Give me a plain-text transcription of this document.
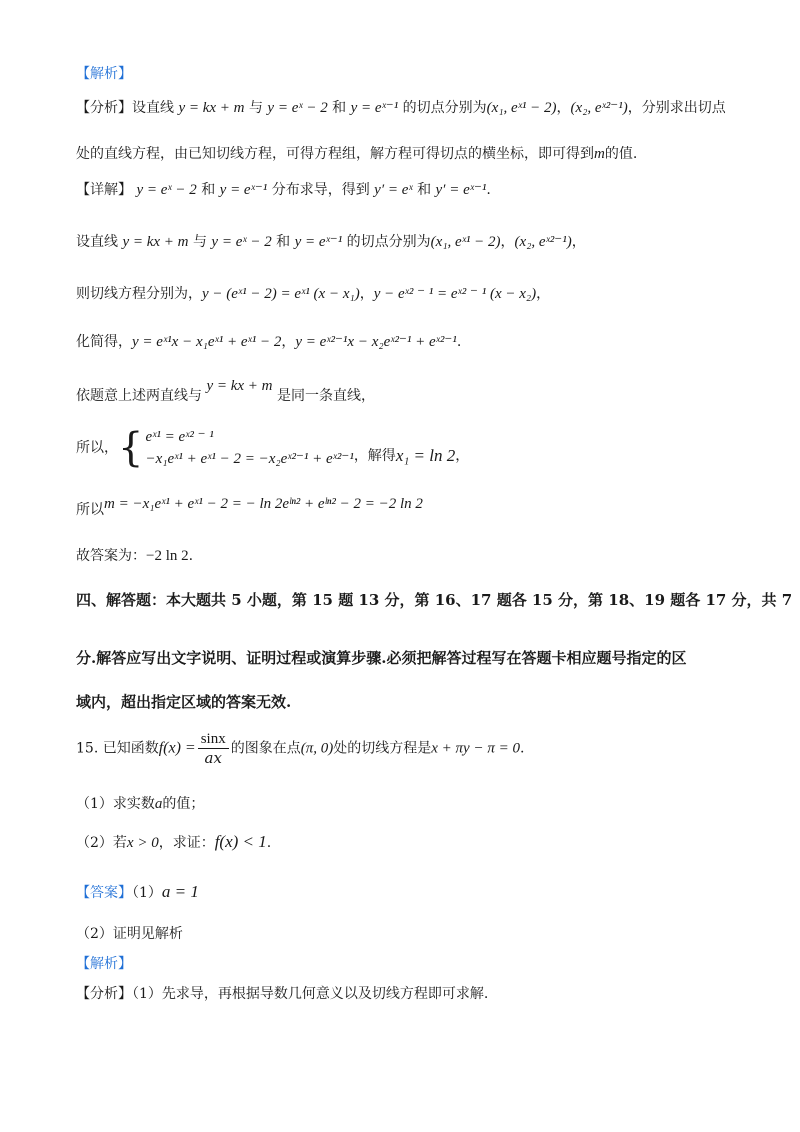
【解析】
【分析】设直线 y = kx + m 与 y = eˣ − 2 和 y = eˣ⁻¹ 的切点分别为(x₁, eˣ¹ − 2)，(x₂, eˣ²⁻¹)，分别求出切点
处的直线方程，由已知切线方程，可得方程组，解方程可得切点的横坐标，即可得到m的值.
【详解】 y = eˣ − 2 和 y = eˣ⁻¹ 分布求导，得到 y′ = eˣ 和 y′ = eˣ⁻¹.
设直线 y = kx + m 与 y = eˣ − 2 和 y = eˣ⁻¹ 的切点分别为(x₁, eˣ¹ − 2)，(x₂, eˣ²⁻¹)，
则切线方程分别为，y − (eˣ¹ − 2) = eˣ¹ (x − x₁)，y − eˣ² ⁻ ¹ = eˣ² ⁻ ¹ (x − x₂)，
化简得，y = eˣ¹x − x₁eˣ¹ + eˣ¹ − 2，y = eˣ²⁻¹x − x₂eˣ²⁻¹ + eˣ²⁻¹.
依题意上述两直线与 y = kx + m 是同一条直线，
所以，{ eˣ¹ = eˣ² ⁻ ¹
−x₁eˣ¹ + eˣ¹ − 2 = −x₂eˣ²⁻¹ + eˣ²⁻¹ ，解得x₁ = ln 2，
所以m = −x₁eˣ¹ + eˣ¹ − 2 = − ln 2eˡⁿ² + eˡⁿ² − 2 = −2 ln 2
故答案为：−2 ln 2.
四、解答题：本大题共 5 小题，第 15 题 13 分，第 16、17 题各 15 分，第 18、19 题各 17 分，共 7
分.解答应写出文字说明、证明过程或演算步骤.必须把解答过程写在答题卡相应题号指定的区
域内，超出指定区域的答案无效.
15. 已知函数$f(x) = \frac{\sin x}{ax}$ 的图象在点(π, 0)处的切线方程是x + πy − π = 0.
（1）求实数a的值；
（2）若x > 0，求证：f(x) < 1.
【答案】（1）a = 1
（2）证明见解析
【解析】
【分析】（1）先求导，再根据导数几何意义以及切线方程即可求解.
